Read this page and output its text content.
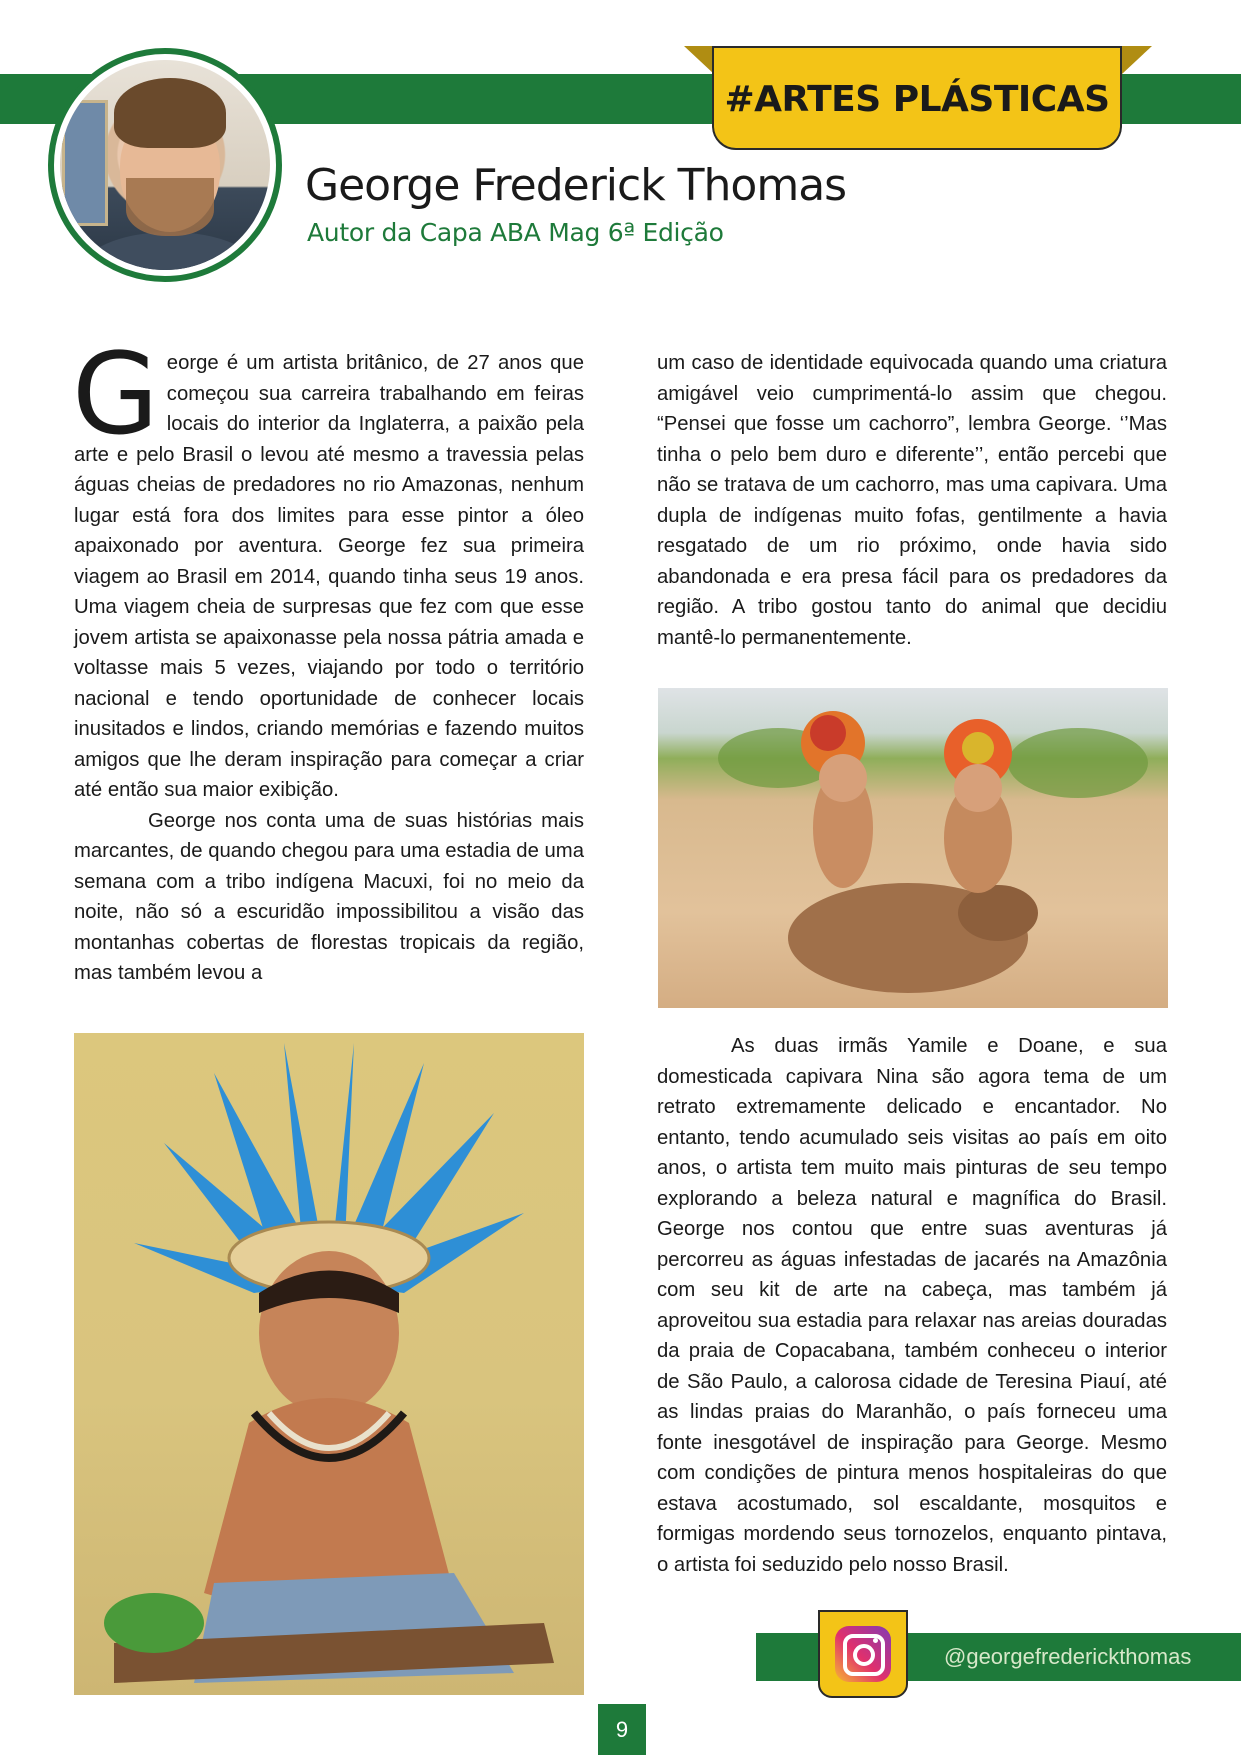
#ARTES PLÁSTICAS
George Frederick Thomas
Autor da Capa ABA Mag 6ª Edição

George é um artista britânico, de 27 anos que começou sua carreira trabalhando em feiras locais do interior da Inglaterra, a paixão pela arte e pelo Brasil o levou até mesmo a travessia pelas águas cheias de predadores no rio Amazonas, nenhum lugar está fora dos limites para esse pintor a óleo apaixonado por aventura. George fez sua primeira viagem ao Brasil em 2014, quando tinha seus 19 anos. Uma viagem cheia de surpresas que fez com que esse jovem artista se apaixonasse pela nossa pátria amada e voltasse mais 5 vezes, viajando por todo o território nacional e tendo oportunidade de conhecer locais inusitados e lindos, criando memórias e fazendo muitos amigos que lhe deram inspiração para começar a criar até então sua maior exibição.

George nos conta uma de suas histórias mais marcantes, de quando chegou para uma estadia de uma semana com a tribo indígena Macuxi, foi no meio da noite, não só a escuridão impossibilitou a visão das montanhas cobertas de florestas tropicais da região, mas também levou a

um caso de identidade equivocada quando uma criatura amigável veio cumprimentá-lo assim que chegou. “Pensei que fosse um cachorro”, lembra George. ‘’Mas tinha o pelo bem duro e diferente’’, então percebi que não se tratava de um cachorro, mas uma capivara. Uma dupla de indígenas muito fofas, gentilmente a havia resgatado de um rio próximo, onde havia sido abandonada e era presa fácil para os predadores da região. A tribo gostou tanto do animal que decidiu mantê-lo permanentemente.

As duas irmãs Yamile e Doane, e sua domesticada capivara Nina são agora tema de um retrato extremamente delicado e encantador. No entanto, tendo acumulado seis visitas ao país em oito anos, o artista tem muito mais pinturas de seu tempo explorando a beleza natural e magnífica do Brasil. George nos contou que entre suas aventuras já percorreu as águas infestadas de jacarés na Amazônia com seu kit de arte na cabeça, mas também já aproveitou sua estadia para relaxar nas areias douradas da praia de Copacabana, também conheceu o interior de São Paulo, a calorosa cidade de Teresina Piauí, até as lindas praias do Maranhão, o país forneceu uma fonte inesgotável de inspiração para George. Mesmo com condições de pintura menos hospitaleiras do que estava acostumado, sol escaldante, mosquitos e formigas mordendo seus tornozelos, enquanto pintava, o artista foi seduzido pelo nosso Brasil.

@georgefrederickthomas
9
